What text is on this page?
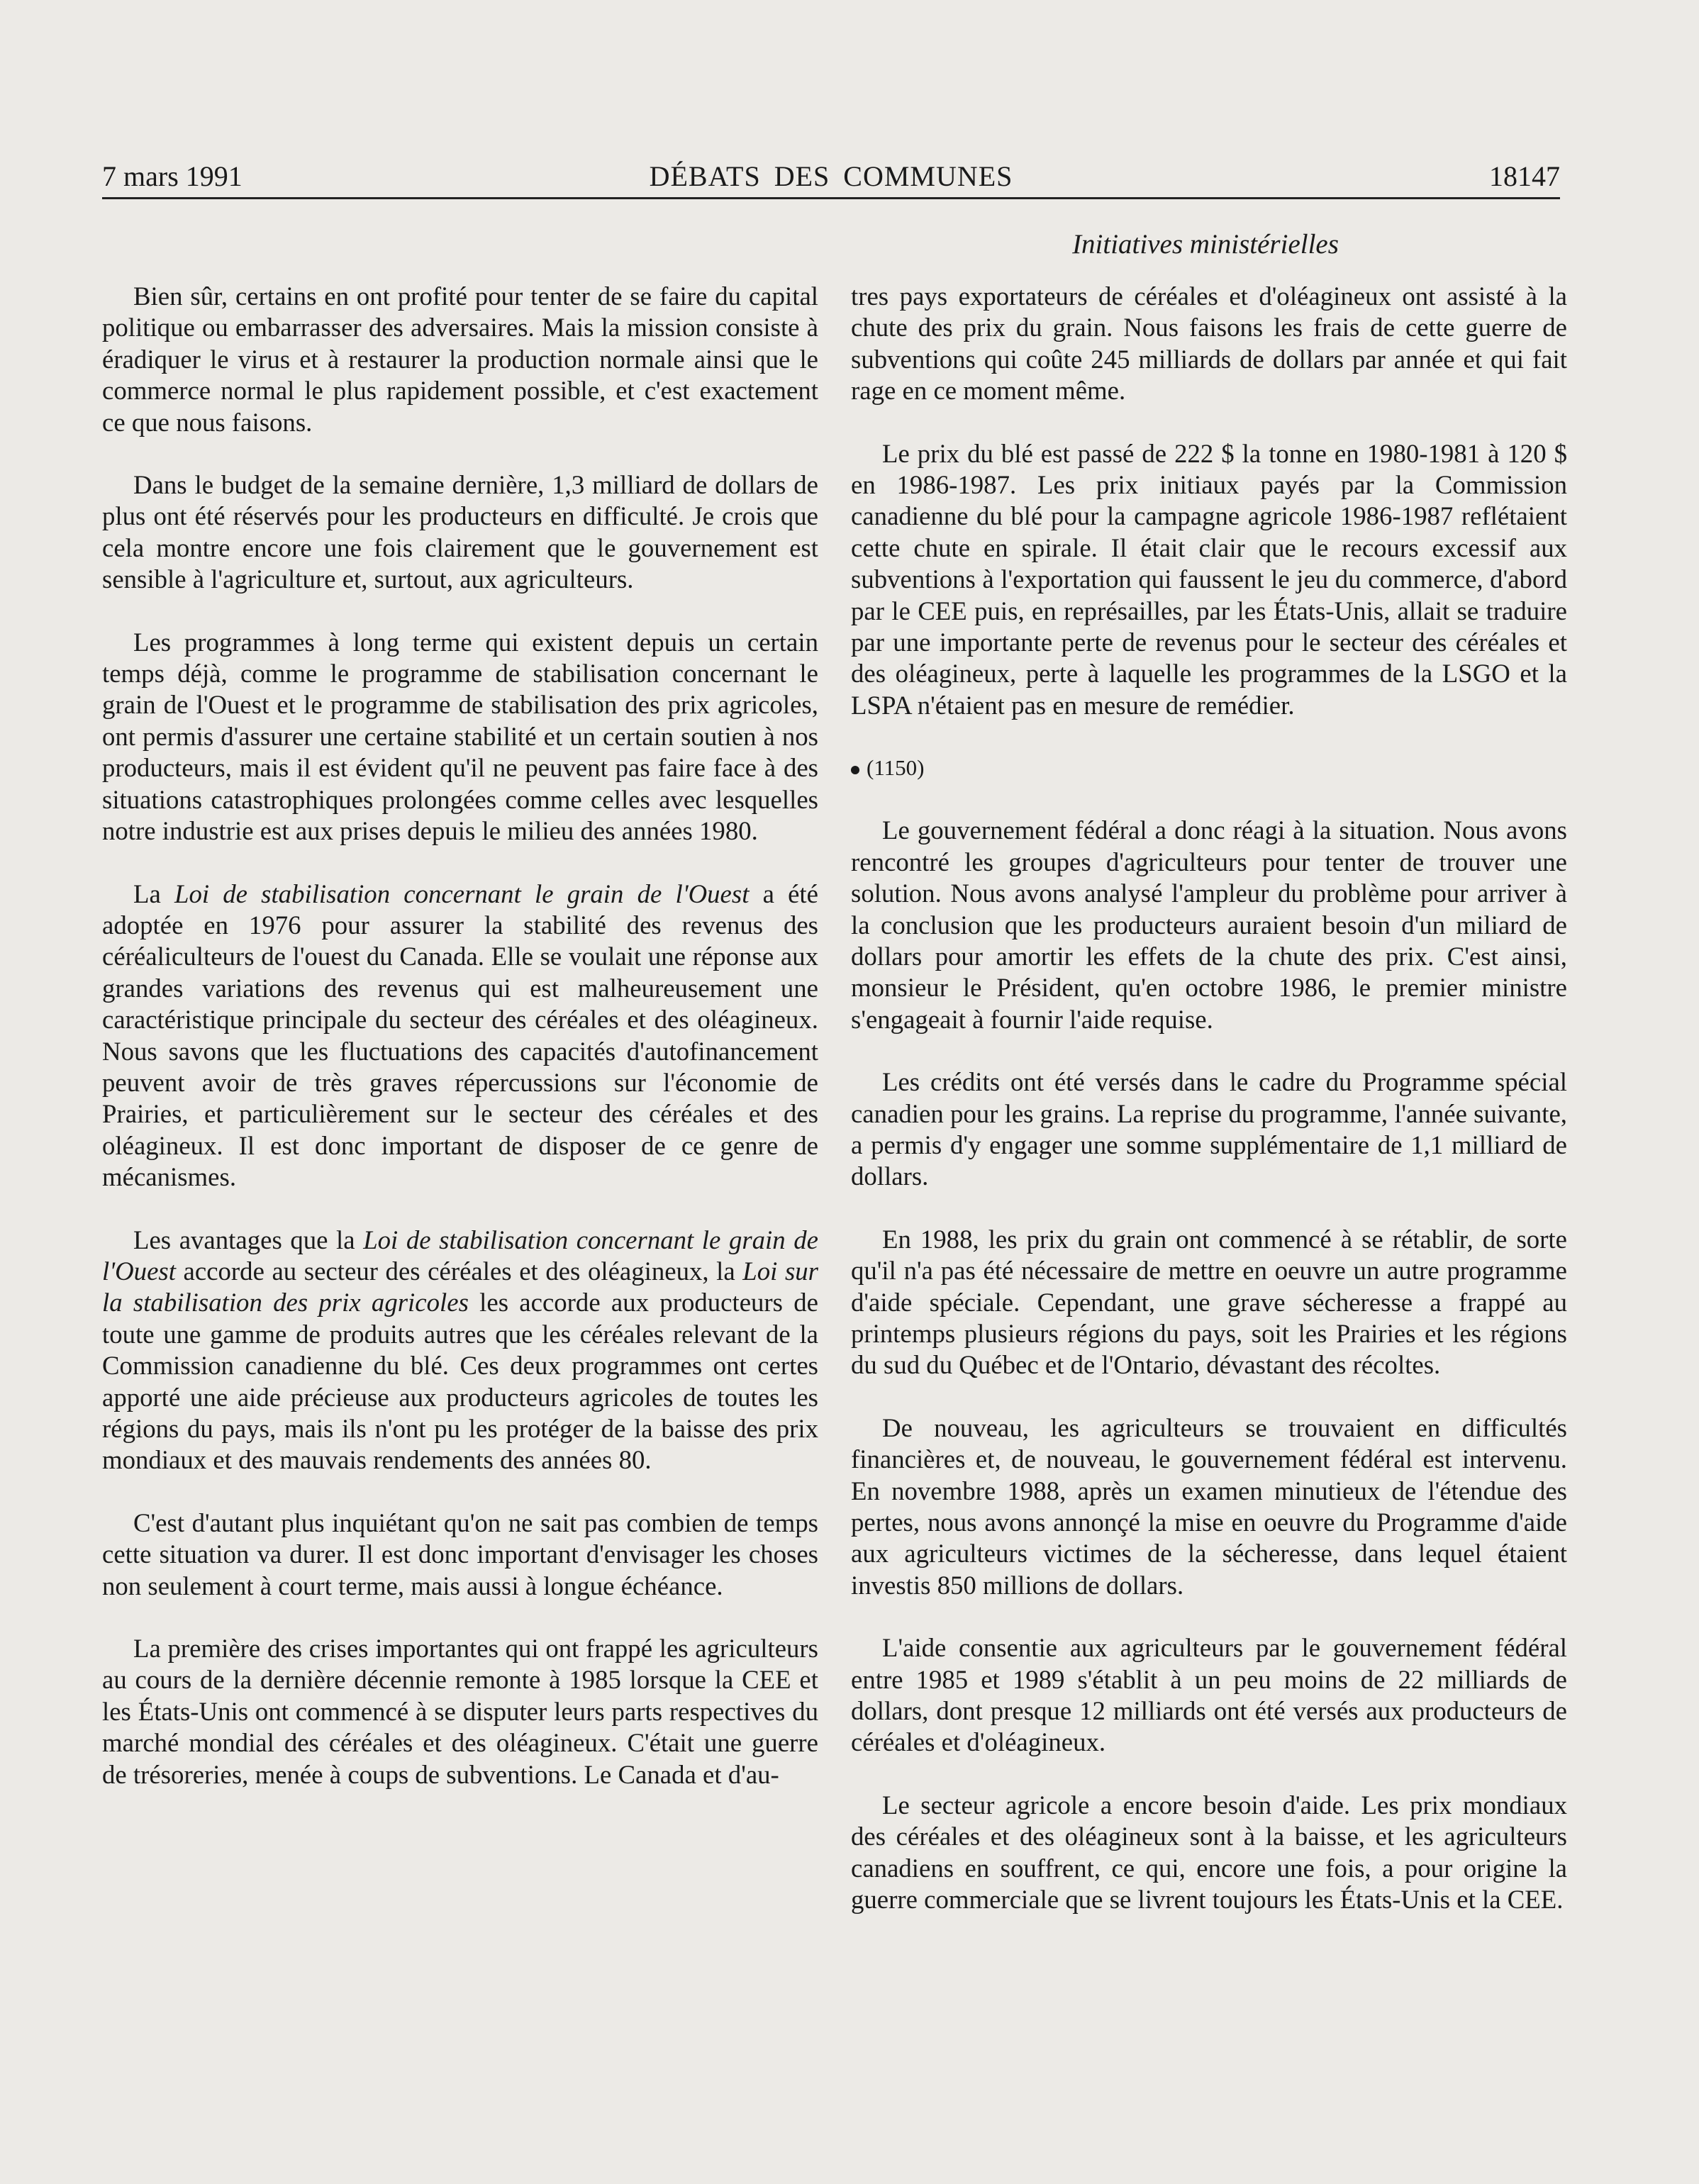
7 mars 1991	DÉBATS DES COMMUNES	18147
Initiatives ministérielles

Bien sûr, certains en ont profité pour tenter de se faire du capital politique ou embarrasser des adversaires. Mais la mission consiste à éradiquer le virus et à restaurer la production normale ainsi que le commerce normal le plus rapidement possible, et c'est exactement ce que nous faisons.

Dans le budget de la semaine dernière, 1,3 milliard de dollars de plus ont été réservés pour les producteurs en difficulté. Je crois que cela montre encore une fois clairement que le gouvernement est sensible à l'agriculture et, surtout, aux agriculteurs.

Les programmes à long terme qui existent depuis un certain temps déjà, comme le programme de stabilisation concernant le grain de l'Ouest et le programme de stabilisation des prix agricoles, ont permis d'assurer une certaine stabilité et un certain soutien à nos producteurs, mais il est évident qu'il ne peuvent pas faire face à des situations catastrophiques prolongées comme celles avec lesquelles notre industrie est aux prises depuis le milieu des années 1980.

La Loi de stabilisation concernant le grain de l'Ouest a été adoptée en 1976 pour assurer la stabilité des revenus des céréaliculteurs de l'ouest du Canada. Elle se voulait une réponse aux grandes variations des revenus qui est malheureusement une caractéristique principale du secteur des céréales et des oléagineux. Nous savons que les fluctuations des capacités d'autofinancement peuvent avoir de très graves répercussions sur l'économie de Prairies, et particulièrement sur le secteur des céréales et des oléagineux. Il est donc important de disposer de ce genre de mécanismes.

Les avantages que la Loi de stabilisation concernant le grain de l'Ouest accorde au secteur des céréales et des oléagineux, la Loi sur la stabilisation des prix agricoles les accorde aux producteurs de toute une gamme de produits autres que les céréales relevant de la Commission canadienne du blé. Ces deux programmes ont certes apporté une aide précieuse aux producteurs agricoles de toutes les régions du pays, mais ils n'ont pu les protéger de la baisse des prix mondiaux et des mauvais rendements des années 80.

C'est d'autant plus inquiétant qu'on ne sait pas combien de temps cette situation va durer. Il est donc important d'envisager les choses non seulement à court terme, mais aussi à longue échéance.

La première des crises importantes qui ont frappé les agriculteurs au cours de la dernière décennie remonte à 1985 lorsque la CEE et les États-Unis ont commencé à se disputer leurs parts respectives du marché mondial des céréales et des oléagineux. C'était une guerre de trésoreries, menée à coups de subventions. Le Canada et d'au-

tres pays exportateurs de céréales et d'oléagineux ont assisté à la chute des prix du grain. Nous faisons les frais de cette guerre de subventions qui coûte 245 milliards de dollars par année et qui fait rage en ce moment même.

Le prix du blé est passé de 222 $ la tonne en 1980-1981 à 120 $ en 1986-1987. Les prix initiaux payés par la Commission canadienne du blé pour la campagne agricole 1986-1987 reflétaient cette chute en spirale. Il était clair que le recours excessif aux subventions à l'exportation qui faussent le jeu du commerce, d'abord par le CEE puis, en représailles, par les États-Unis, allait se traduire par une importante perte de revenus pour le secteur des céréales et des oléagineux, perte à laquelle les programmes de la LSGO et la LSPA n'étaient pas en mesure de remédier.

(1150)

Le gouvernement fédéral a donc réagi à la situation. Nous avons rencontré les groupes d'agriculteurs pour tenter de trouver une solution. Nous avons analysé l'ampleur du problème pour arriver à la conclusion que les producteurs auraient besoin d'un miliard de dollars pour amortir les effets de la chute des prix. C'est ainsi, monsieur le Président, qu'en octobre 1986, le premier ministre s'engageait à fournir l'aide requise.

Les crédits ont été versés dans le cadre du Programme spécial canadien pour les grains. La reprise du programme, l'année suivante, a permis d'y engager une somme supplémentaire de 1,1 milliard de dollars.

En 1988, les prix du grain ont commencé à se rétablir, de sorte qu'il n'a pas été nécessaire de mettre en oeuvre un autre programme d'aide spéciale. Cependant, une grave sécheresse a frappé au printemps plusieurs régions du pays, soit les Prairies et les régions du sud du Québec et de l'Ontario, dévastant des récoltes.

De nouveau, les agriculteurs se trouvaient en difficultés financières et, de nouveau, le gouvernement fédéral est intervenu. En novembre 1988, après un examen minutieux de l'étendue des pertes, nous avons annonçé la mise en oeuvre du Programme d'aide aux agriculteurs victimes de la sécheresse, dans lequel étaient investis 850 millions de dollars.

L'aide consentie aux agriculteurs par le gouvernement fédéral entre 1985 et 1989 s'établit à un peu moins de 22 milliards de dollars, dont presque 12 milliards ont été versés aux producteurs de céréales et d'oléagineux.

Le secteur agricole a encore besoin d'aide. Les prix mondiaux des céréales et des oléagineux sont à la baisse, et les agriculteurs canadiens en souffrent, ce qui, encore une fois, a pour origine la guerre commerciale que se livrent toujours les États-Unis et la CEE.
